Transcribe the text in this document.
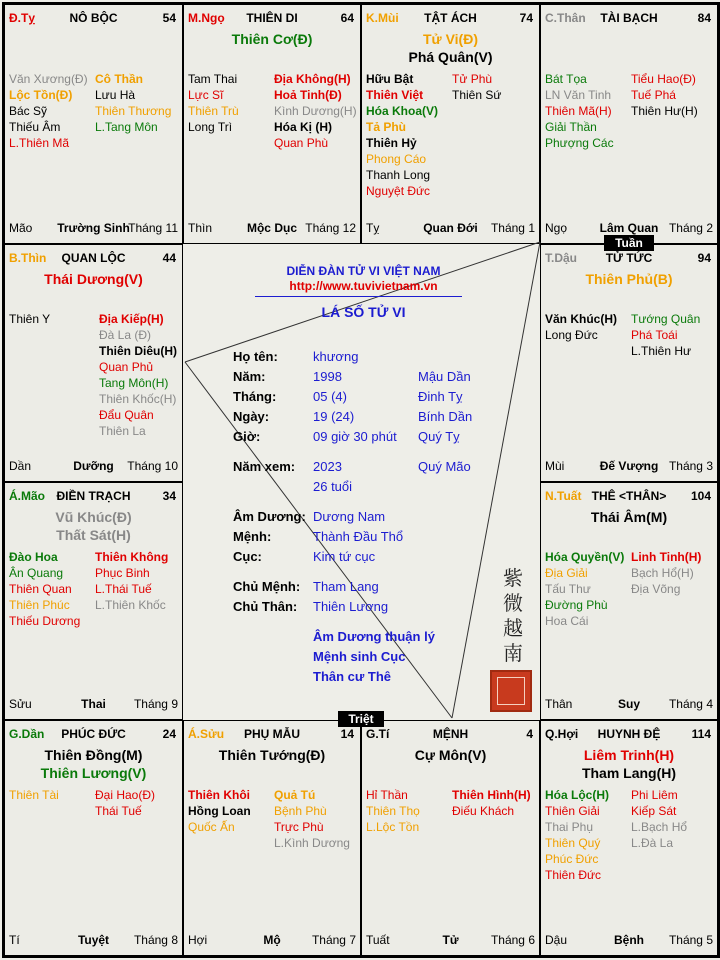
Đ.Tỵ	NÔ BỘC	54
Văn Xương(Đ)
Lộc Tồn(Đ)
Bác Sỹ
Thiếu Âm
L.Thiên Mã
Cô Thần
Lưu Hà
Thiên Thương
L.Tang Môn
Mão	Trường Sinh
Tháng 11
M.Ngọ	THIÊN DI	64
Thiên Cơ(Đ)
Tam Thai
Lực Sĩ
Thiên Trù
Long Trì
Địa Không(H)
Hoả Tinh(Đ)
Kình Dương(H)
Hóa Kị (H)
Quan Phù
Thìn	Mộc Dục Tháng 12
K.Mùi	TẬT ÁCH	74
Tử Vi(Đ)
Phá Quân(V)
Hữu Bật
Thiên Việt
Hóa Khoa(V)
Tả Phù
Thiên Hỷ
Phong Cáo
Thanh Long
Nguyệt Đức
Tử Phù
Thiên Sứ
Tỵ	Quan Đới	Tháng 1
C.Thân	TÀI BẠCH	84
Bát Tọa
LN Văn Tinh
Thiên Mã(H)
Giải Thần
Phượng Các
Tiểu Hao(Đ)
Tuế Phá
Thiên Hư(H)
Ngọ	Lâm Quan Tháng 2
B.Thìn	QUAN LỘC	44
Thái Dương(V)
Thiên Y	Địa Kiếp(H)
Đà La (Đ)
Thiên Diêu(H)
Quan Phủ
Tang Môn(H)
Thiên Khốc(H)
Đẩu Quân
Thiên La
Dần	Dưỡng	Tháng 10
T.Dậu	TỬ TỨC	94
Thiên Phủ(B)
Văn Khúc(H)
Long Đức
Tướng Quân
Phá Toái
L.Thiên Hư
Mùi	Đế Vượng Tháng 3
Á.Mão ĐIỀN TRẠCH	34
Vũ Khúc(Đ)
Thất Sát(H)
Đào Hoa
Ân Quang
Thiên Quan
Thiên Phúc
Thiếu Dương
Thiên Không
Phục Binh
L.Thái Tuế
L.Thiên Khốc
Sửu	Thai	Tháng 9
N.Tuất THÊ <THÂN>	104
Thái Âm(M)
Hóa Quyền(V)
Địa Giải
Tấu Thư
Đường Phù
Hoa Cái
Linh Tinh(H)
Bạch Hổ(H)
Địa Võng
Thân	Suy	Tháng 4
G.Dần	PHÚC ĐỨC	24
Thiên Đồng(M)
Thiên Lương(V)
Thiên Tài	Đại Hao(Đ)
Thái Tuế
Tí	Tuyệt	Tháng 8
Á.Sửu	PHỤ MẪU	14
Thiên Tướng(Đ)
Thiên Khôi
Hồng Loan
Quốc Ấn
Quả Tú
Bệnh Phù
Trực Phù
L.Kình Dương
Hợi	Mộ	Tháng 7
G.Tí	MỆNH	4
Cự Môn(V)
Hỉ Thần
Thiên Thọ
L.Lộc Tồn
Thiên Hình(H)
Điếu Khách
Tuất	Tử	Tháng 6
Q.Hợi	HUYNH ĐỆ	114
Liêm Trinh(H)
Tham Lang(H)
Hóa Lộc(H)
Thiên Giải
Thai Phụ
Thiên Quý
Phúc Đức
Thiên Đức
Phi Liêm
Kiếp Sát
L.Bạch Hổ
L.Đà La
Dậu	Bệnh	Tháng 5
DIỄN ĐÀN TỬ VI VIỆT NAM
http://www.tuvivietnam.vn
LÁ SỐ TỬ VI
Họ tên:	khương
Năm:	1998	Mậu Dần
Tháng:	05 (4)	Đinh Tỵ
Ngày:	19 (24)	Bính Dần
Giờ:	09 giờ 30 phút Quý Tỵ
Năm xem: 2023	Quý Mão
26 tuổi
Âm Dương: Dương Nam
Mệnh:	Thành Đầu Thổ
Cục:	Kim tứ cục
Chủ Mệnh: Tham Lang
Chủ Thân: Thiên Lương
Âm Dương thuận lý
Mệnh sinh Cục
Thân cư Thê
紫
微
越
南
Tuần
Triệt
